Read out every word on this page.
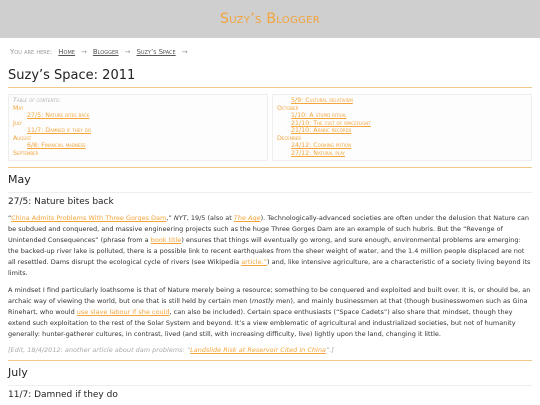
Suzy’s Blogger
You are here: Home → Blogger → Suzy’s Space →
Suzy’s Space: 2011
Table of contents:
May
27/5: Nature bites back
July
11/7: Damned if they do
August
6/8: Financial madness
September
5/9: Cultural relativism
October
1/10: A stupid ritual
21/10: The cult of spaceflight
21/10: Arabic records
December
24/12: Cooking potion
27/12: Natural play
May
27/5: Nature bites back

“China Admits Problems With Three Gorges Dam,” NYT, 19/5 (also at The Age). Technologically-advanced societies are often under the delusion that Nature can be subdued and conquered, and massive engineering projects such as the huge Three Gorges Dam are an example of such hubris. But the “Revenge of Unintended Consequences” (phrase from a book title) ensures that things will eventually go wrong, and sure enough, environmental problems are emerging: the backed-up river lake is polluted, there is a possible link to recent earthquakes from the sheer weight of water, and the 1.4 million people displaced are not all resettled. Dams disrupt the ecological cycle of rivers (see Wikipedia article.”) and, like intensive agriculture, are a characteristic of a society living beyond its limits.

A mindset I find particularly loathsome is that of Nature merely being a resource; something to be conquered and exploited and built over. It is, or should be, an archaic way of viewing the world, but one that is still held by certain men (mostly men), and mainly businessmen at that (though businesswomen such as Gina Rinehart, who would use slave labour if she could, can also be included). Certain space enthusiasts (“Space Cadets”) also share that mindset, though they extend such exploitation to the rest of the Solar System and beyond. It’s a view emblematic of agricultural and industrialized societies, but not of humanity generally: hunter-gatherer cultures, in contrast, lived (and still, with increasing difficulty, live) lightly upon the land, changing it little.

[Edit, 18/4/2012: another article about dam problems: “Landslide Risk at Reservoir Cited in China”.]

July
11/7: Damned if they do
